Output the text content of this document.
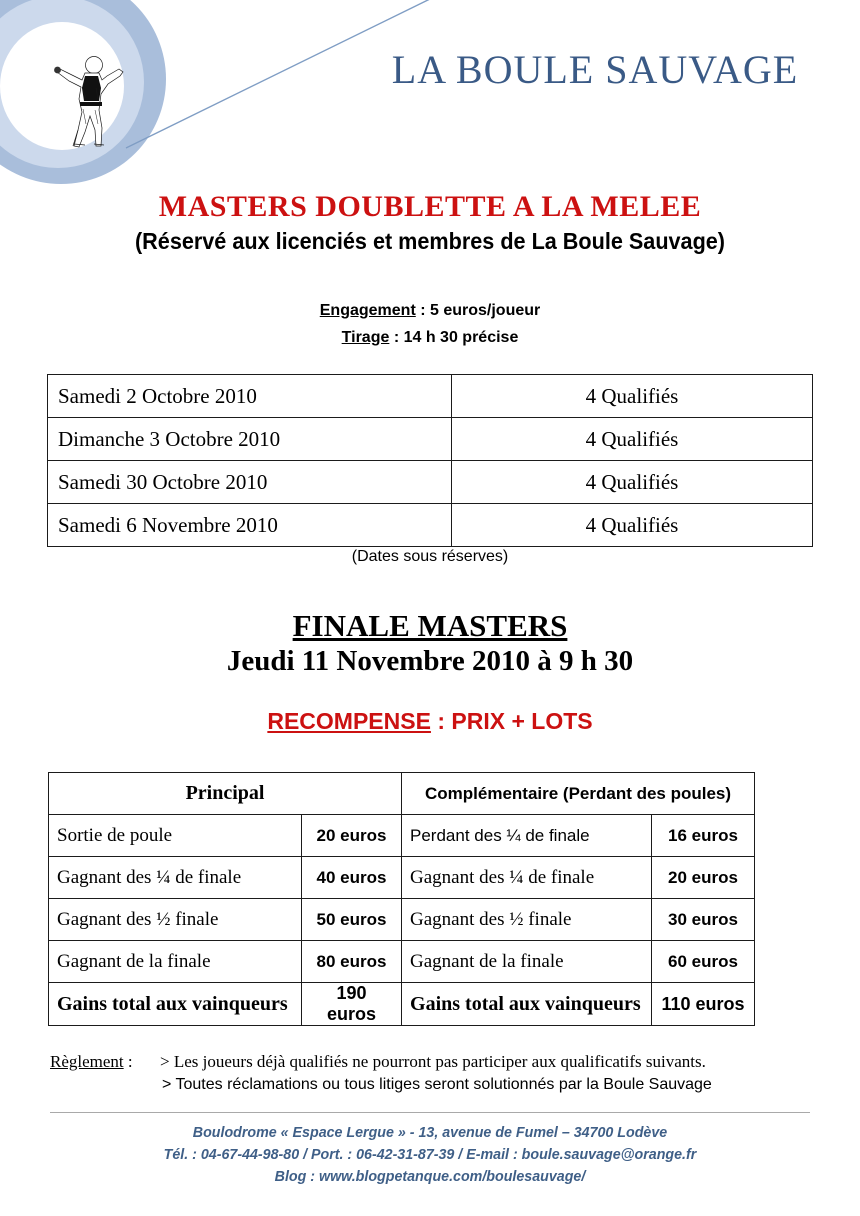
LA BOULE SAUVAGE
MASTERS DOUBLETTE A LA MELEE
(Réservé aux licenciés et membres de La Boule Sauvage)
Engagement : 5 euros/joueur
Tirage : 14 h 30 précise
Samedi 2 Octobre 2010	4 Qualifiés
Dimanche 3 Octobre 2010	4 Qualifiés
Samedi 30 Octobre 2010	4 Qualifiés
Samedi 6 Novembre 2010	4 Qualifiés
(Dates sous réserves)
FINALE MASTERS
Jeudi 11 Novembre 2010 à 9 h 30
RECOMPENSE : PRIX + LOTS
Principal		Complémentaire (Perdant des poules)	
Sortie de poule	20 euros	Perdant des ¼ de finale	16 euros
Gagnant des ¼ de finale	40 euros	Gagnant des ¼ de finale	20 euros
Gagnant des ½ finale	50 euros	Gagnant des ½ finale	30 euros
Gagnant de la finale	80 euros	Gagnant de la finale	60 euros
Gains total aux vainqueurs	190 euros	Gains total aux vainqueurs	110 euros
Règlement : > Les joueurs déjà qualifiés ne pourront pas participer aux qualificatifs suivants.
> Toutes réclamations ou tous litiges seront solutionnés par la Boule Sauvage
Boulodrome « Espace Lergue » - 13, avenue de Fumel – 34700 Lodève
Tél. : 04-67-44-98-80 / Port. : 06-42-31-87-39 / E-mail : boule.sauvage@orange.fr
Blog : www.blogpetanque.com/boulesauvage/
